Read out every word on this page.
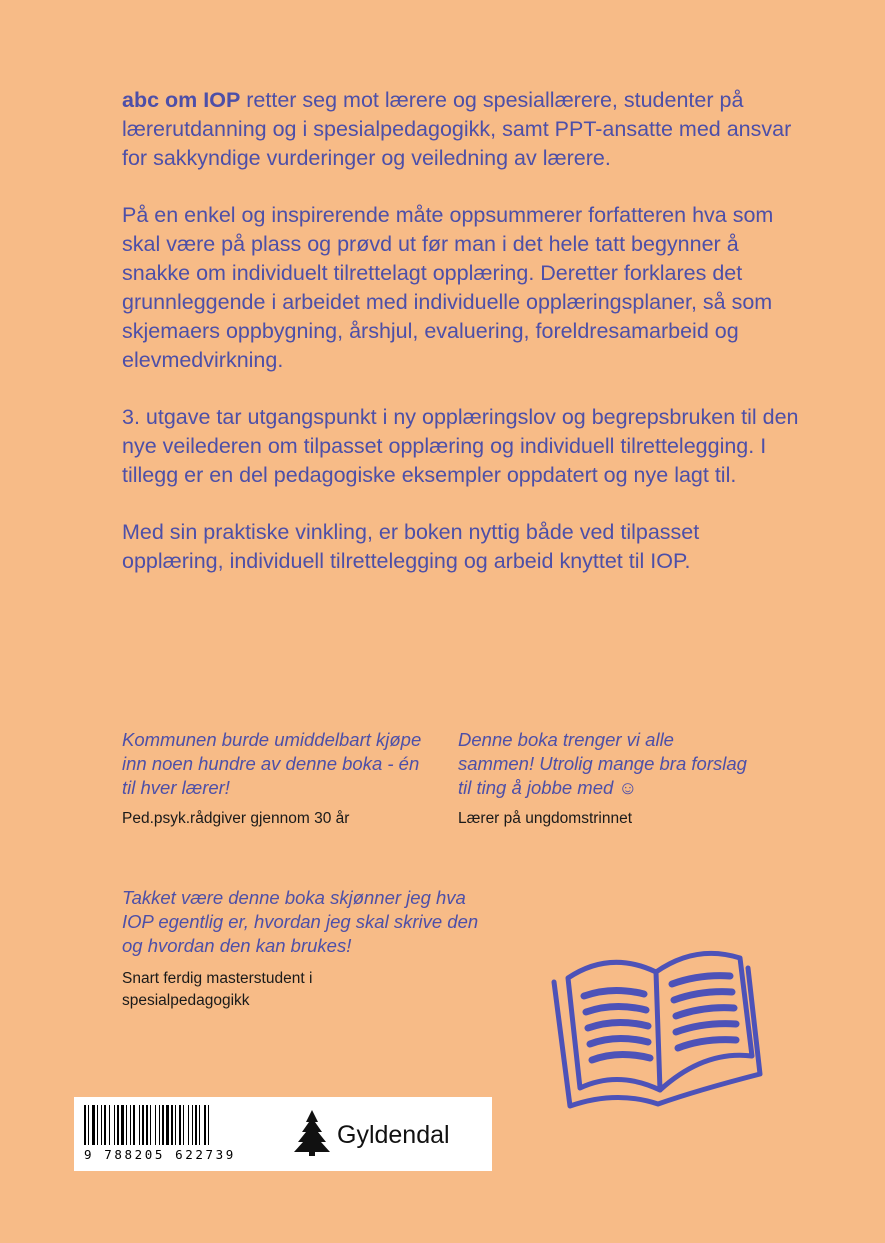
abc om IOP retter seg mot lærere og spesiallærere, studenter på lærerutdanning og i spesialpedagogikk, samt PPT-ansatte med ansvar for sakkyndige vurderinger og veiledning av lærere.

På en enkel og inspirerende måte oppsummerer forfatteren hva som skal være på plass og prøvd ut før man i det hele tatt begynner å snakke om individuelt tilrettelagt opplæring. Deretter forklares det grunnleggende i arbeidet med individuelle opplæringsplaner, så som skjemaers oppbygning, årshjul, evaluering, foreldresamarbeid og elevmedvirkning.

3. utgave tar utgangspunkt i ny opplæringslov og begrepsbruken til den nye veilederen om tilpasset opplæring og individuell tilrettelegging. I tillegg er en del pedagogiske eksempler oppdatert og nye lagt til.

Med sin praktiske vinkling, er boken nyttig både ved tilpasset opplæring, individuell tilrettelegging og arbeid knyttet til IOP.

Kommunen burde umiddelbart kjøpe inn noen hundre av denne boka - én til hver lærer!
Ped.psyk.rådgiver gjennom 30 år
Denne boka trenger vi alle sammen! Utrolig mange bra forslag til ting å jobbe med ☺
Lærer på ungdomstrinnet
Takket være denne boka skjønner jeg hva IOP egentlig er, hvordan jeg skal skrive den og hvordan den kan brukes!
Snart ferdig masterstudent i spesialpedagogikk
9 788205 622739
Gyldendal
